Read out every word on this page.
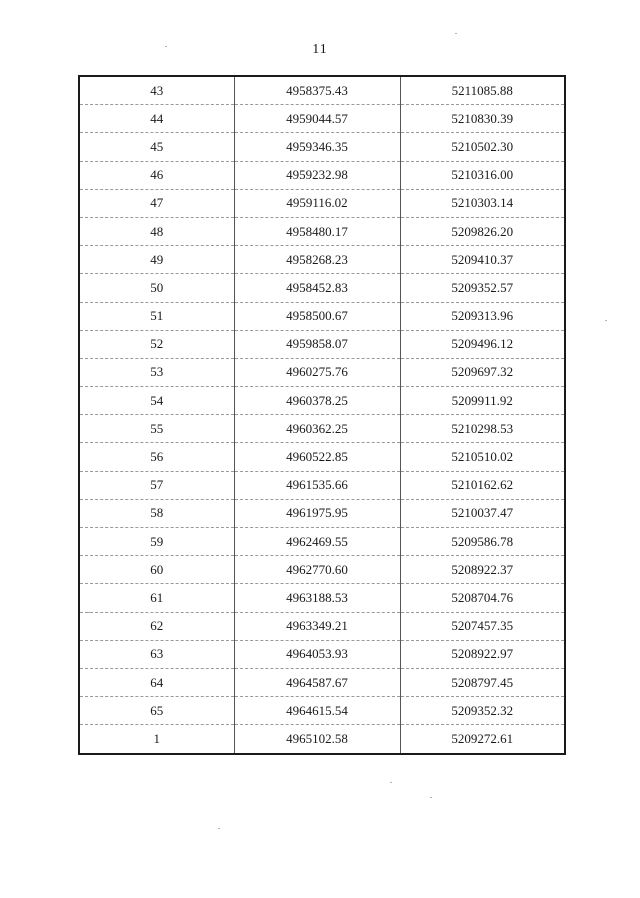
11
43	4958375.43	5211085.88
44	4959044.57	5210830.39
45	4959346.35	5210502.30
46	4959232.98	5210316.00
47	4959116.02	5210303.14
48	4958480.17	5209826.20
49	4958268.23	5209410.37
50	4958452.83	5209352.57
51	4958500.67	5209313.96
52	4959858.07	5209496.12
53	4960275.76	5209697.32
54	4960378.25	5209911.92
55	4960362.25	5210298.53
56	4960522.85	5210510.02
57	4961535.66	5210162.62
58	4961975.95	5210037.47
59	4962469.55	5209586.78
60	4962770.60	5208922.37
61	4963188.53	5208704.76
62	4963349.21	5207457.35
63	4964053.93	5208922.97
64	4964587.67	5208797.45
65	4964615.54	5209352.32
1	4965102.58	5209272.61
